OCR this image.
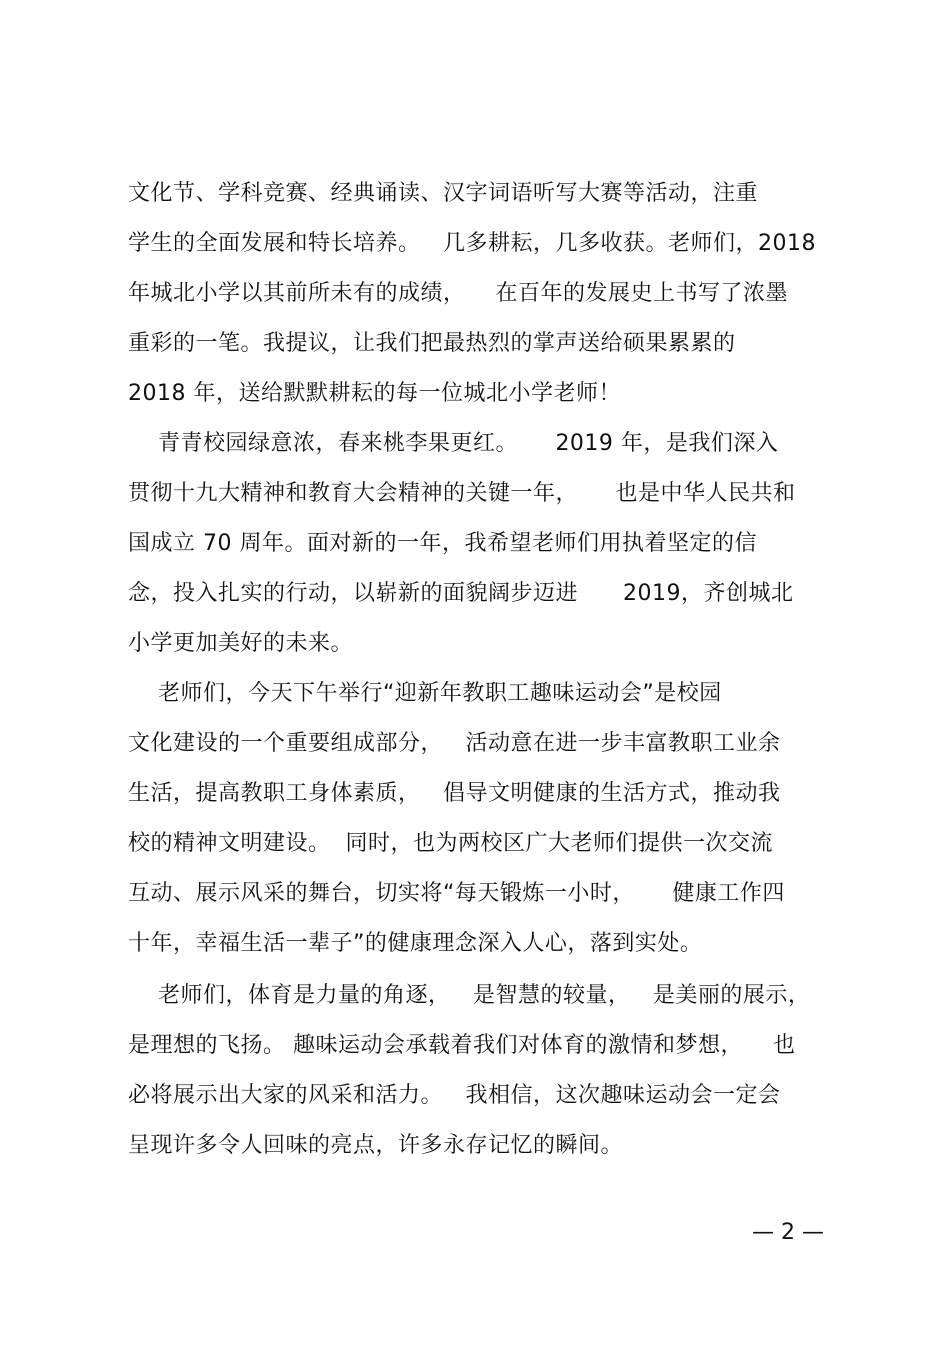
文化节、学科竞赛、经典诵读、汉字词语听写大赛等活动，注重
学生的全面发展和特长培养。   几多耕耘，几多收获。老师们，2018
年城北小学以其前所未有的成绩，    在百年的发展史上书写了浓墨
重彩的一笔。我提议，让我们把最热烈的掌声送给硕果累累的
2018 年，送给默默耕耘的每一位城北小学老师！
青青校园绿意浓，春来桃李果更红。     2019 年，是我们深入
贯彻十九大精神和教育大会精神的关键一年，     也是中华人民共和
国成立 70 周年。面对新的一年，我希望老师们用执着坚定的信
念，投入扎实的行动，以崭新的面貌阔步迈进      2019，齐创城北
小学更加美好的未来。
老师们，今天下午举行“迎新年教职工趣味运动会”是校园
文化建设的一个重要组成部分，   活动意在进一步丰富教职工业余
生活，提高教职工身体素质，   倡导文明健康的生活方式，推动我
校的精神文明建设。  同时，也为两校区广大老师们提供一次交流
互动、展示风采的舞台，切实将“每天锻炼一小时，     健康工作四
十年，幸福生活一辈子”的健康理念深入人心，落到实处。
老师们，体育是力量的角逐，   是智慧的较量，   是美丽的展示，
是理想的飞扬。 趣味运动会承载着我们对体育的激情和梦想，    也
必将展示出大家的风采和活力。   我相信，这次趣味运动会一定会
呈现许多令人回味的亮点，许多永存记忆的瞬间。
— 2 —
